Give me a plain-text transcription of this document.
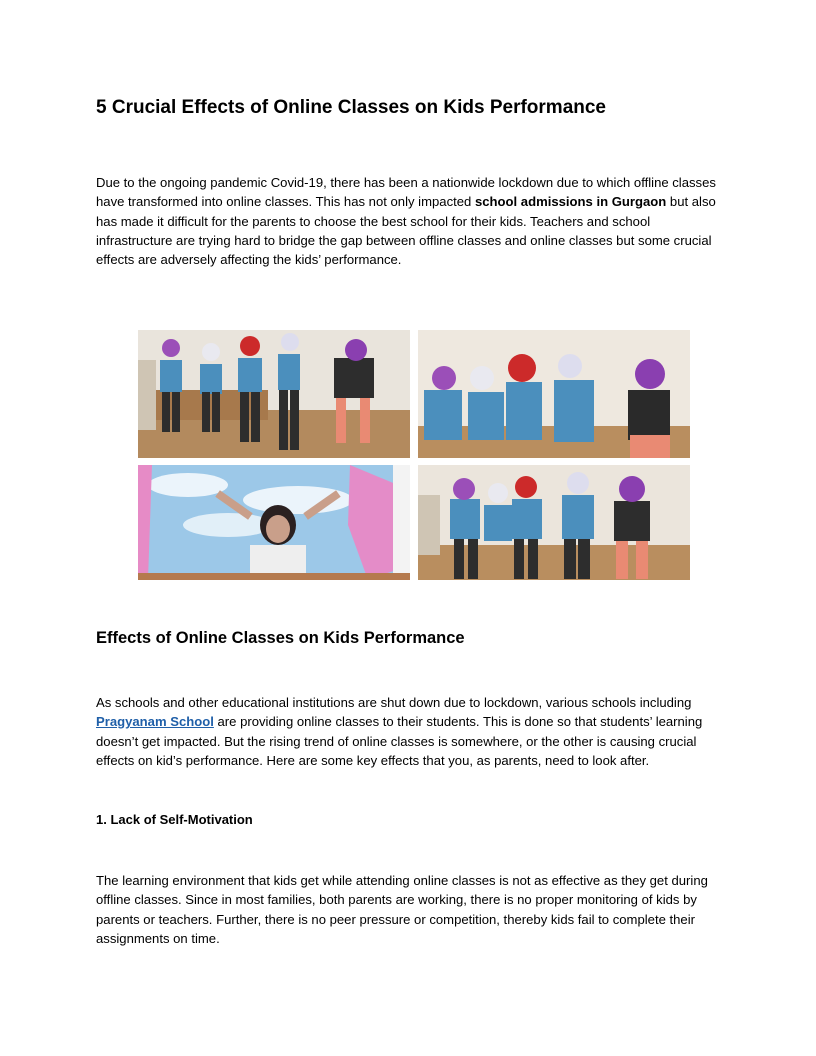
5 Crucial Effects of Online Classes on Kids Performance

Due to the ongoing pandemic Covid-19, there has been a nationwide lockdown due to which offline classes have transformed into online classes. This has not only impacted school admissions in Gurgaon but also has made it difficult for the parents to choose the best school for their kids. Teachers and school infrastructure are trying hard to bridge the gap between offline classes and online classes but some crucial effects are adversely affecting the kids’ performance.

Effects of Online Classes on Kids Performance

As schools and other educational institutions are shut down due to lockdown, various schools including Pragyanam School are providing online classes to their students. This is done so that students’ learning doesn’t get impacted. But the rising trend of online classes is somewhere, or the other is causing crucial effects on kid’s performance. Here are some key effects that you, as parents, need to look after.

1. Lack of Self-Motivation

The learning environment that kids get while attending online classes is not as effective as they get during offline classes. Since in most families, both parents are working, there is no proper monitoring of kids by parents or teachers. Further, there is no peer pressure or competition, thereby kids fail to complete their assignments on time.
